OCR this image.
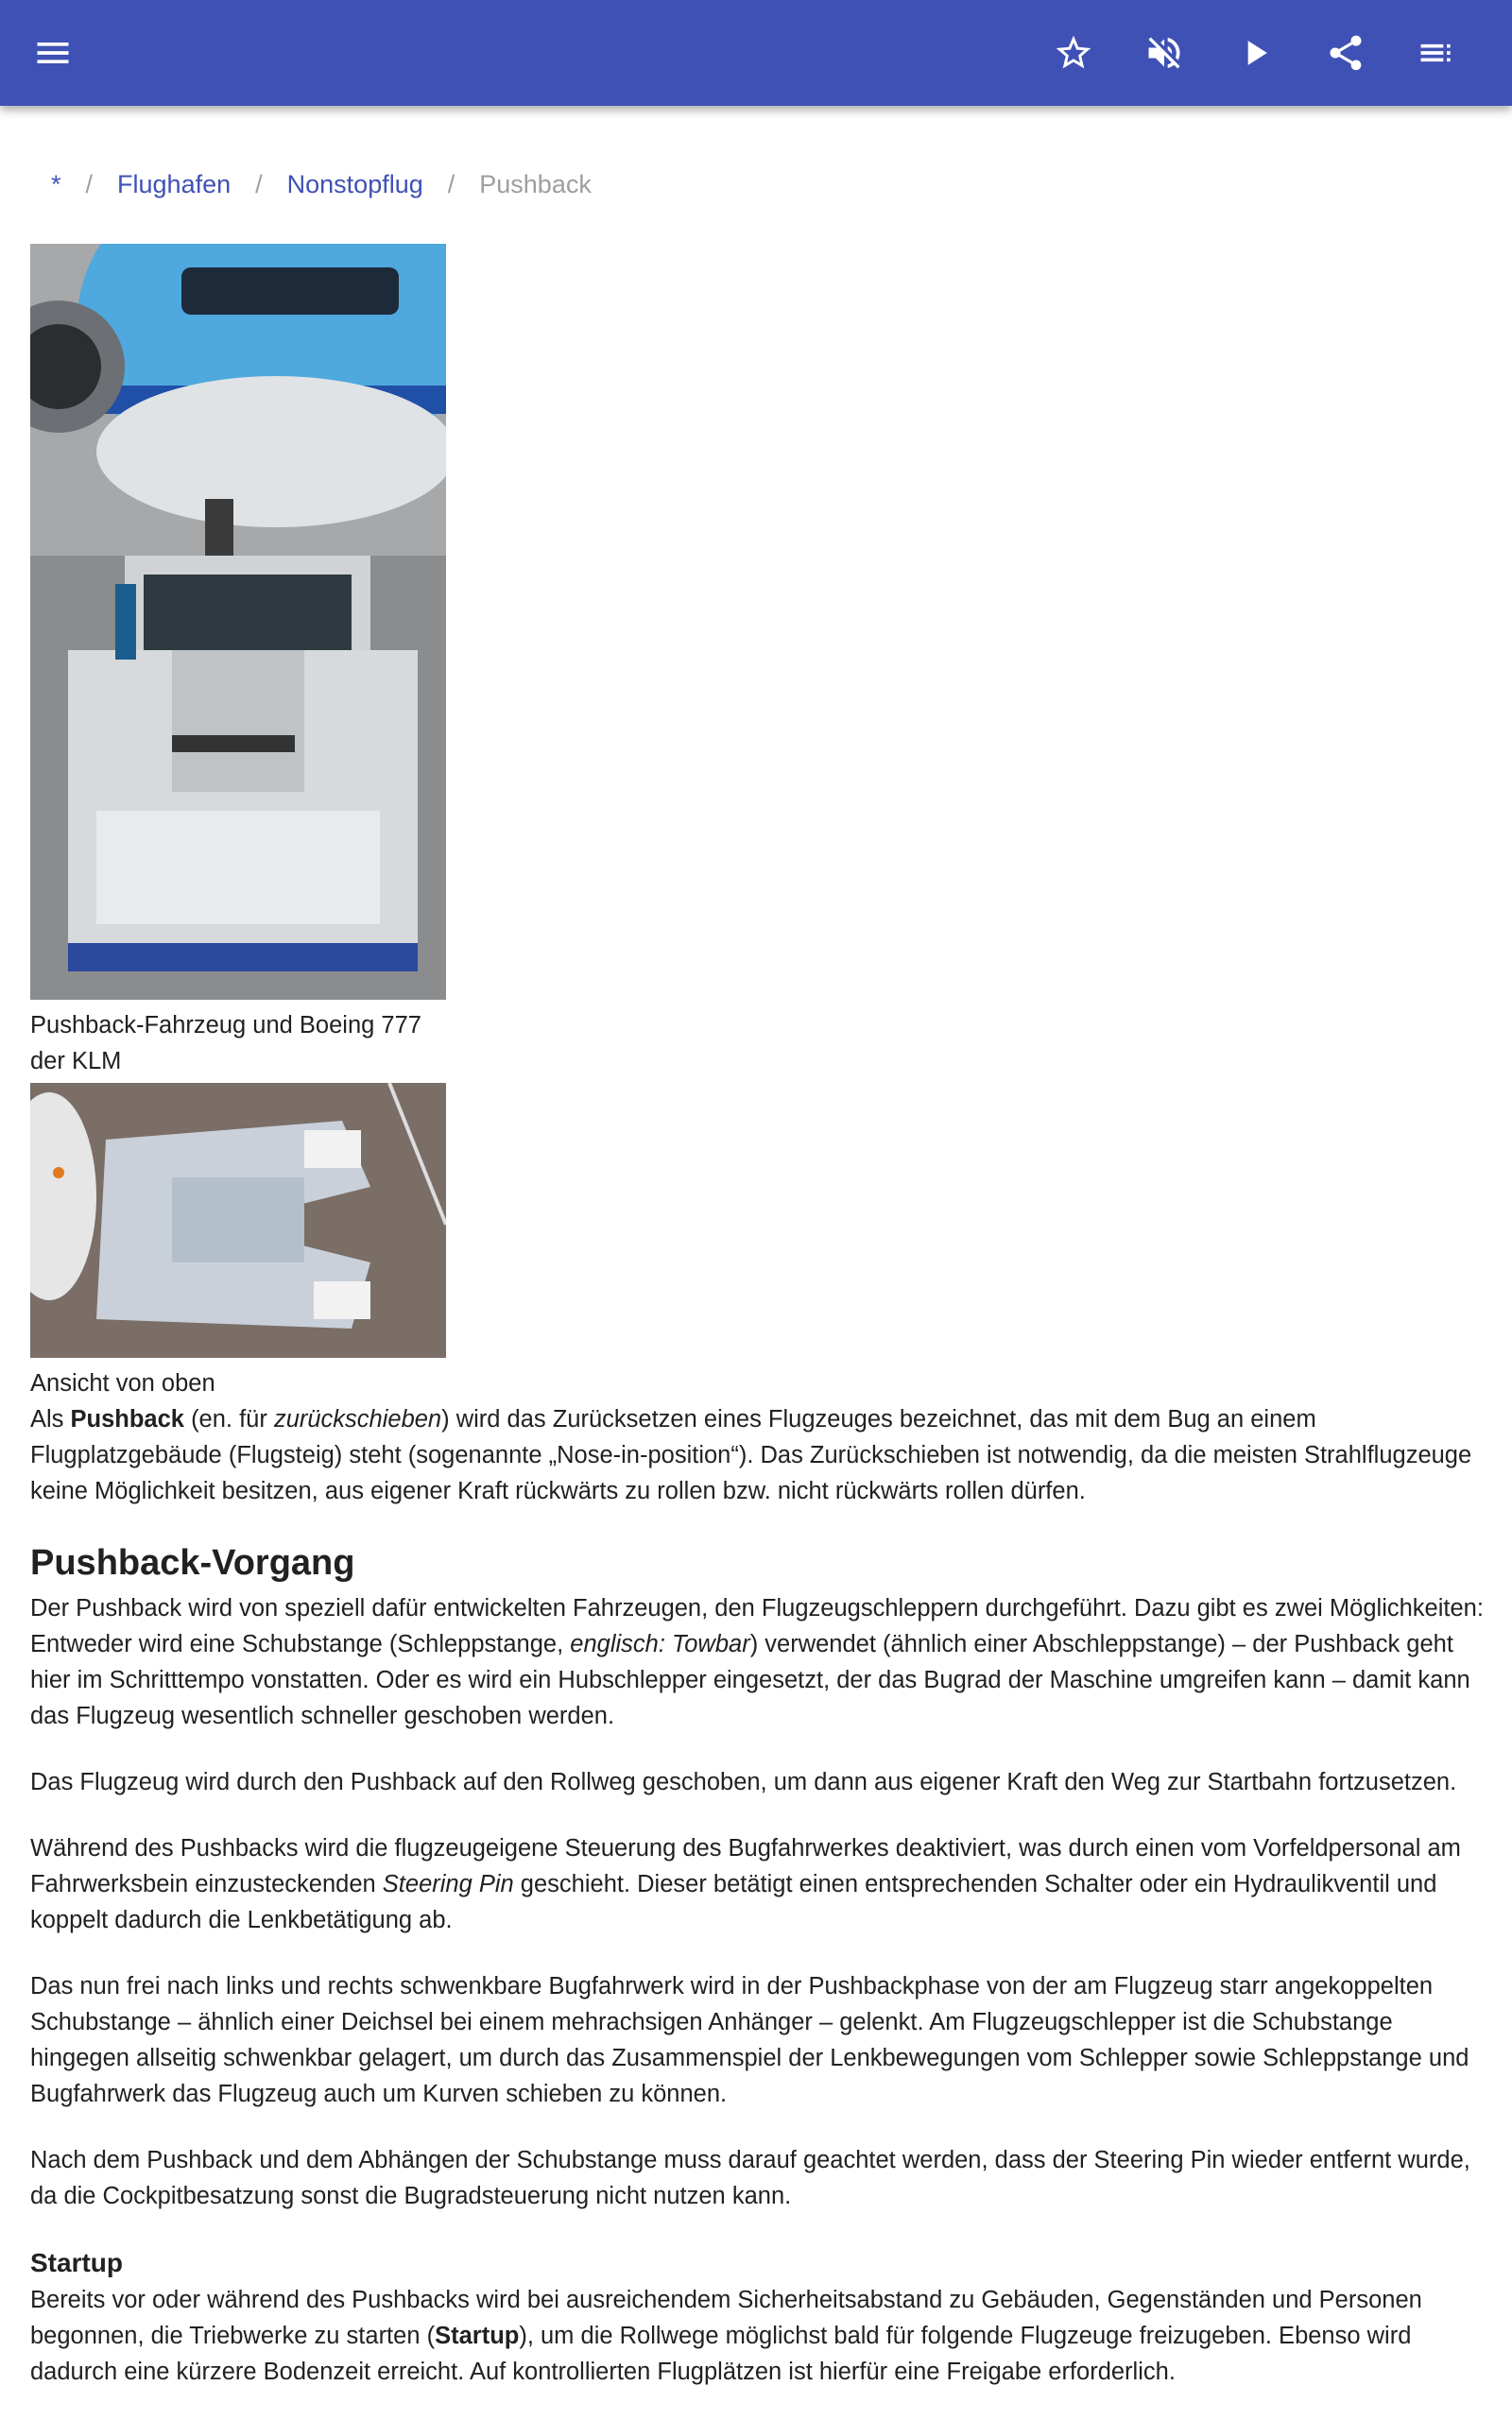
* / Flughafen / Nonstopflug / Pushback
Pushback-Fahrzeug und Boeing 777 der KLM
Ansicht von oben

Als Pushback (en. für zurückschieben) wird das Zurücksetzen eines Flugzeuges bezeichnet, das mit dem Bug an einem Flugplatzgebäude (Flugsteig) steht (sogenannte „Nose-in-position“). Das Zurückschieben ist notwendig, da die meisten Strahlflugzeuge keine Möglichkeit besitzen, aus eigener Kraft rückwärts zu rollen bzw. nicht rückwärts rollen dürfen.

Pushback-Vorgang

Der Pushback wird von speziell dafür entwickelten Fahrzeugen, den Flugzeugschleppern durchgeführt. Dazu gibt es zwei Möglichkeiten: Entweder wird eine Schubstange (Schleppstange, englisch: Towbar) verwendet (ähnlich einer Abschleppstange) – der Pushback geht hier im Schritttempo vonstatten. Oder es wird ein Hubschlepper eingesetzt, der das Bugrad der Maschine umgreifen kann – damit kann das Flugzeug wesentlich schneller geschoben werden.

Das Flugzeug wird durch den Pushback auf den Rollweg geschoben, um dann aus eigener Kraft den Weg zur Startbahn fortzusetzen.

Während des Pushbacks wird die flugzeugeigene Steuerung des Bugfahrwerkes deaktiviert, was durch einen vom Vorfeldpersonal am Fahrwerksbein einzusteckenden Steering Pin geschieht. Dieser betätigt einen entsprechenden Schalter oder ein Hydraulikventil und koppelt dadurch die Lenkbetätigung ab.

Das nun frei nach links und rechts schwenkbare Bugfahrwerk wird in der Pushbackphase von der am Flugzeug starr angekoppelten Schubstange – ähnlich einer Deichsel bei einem mehrachsigen Anhänger – gelenkt. Am Flugzeugschlepper ist die Schubstange hingegen allseitig schwenkbar gelagert, um durch das Zusammenspiel der Lenkbewegungen vom Schlepper sowie Schleppstange und Bugfahrwerk das Flugzeug auch um Kurven schieben zu können.

Nach dem Pushback und dem Abhängen der Schubstange muss darauf geachtet werden, dass der Steering Pin wieder entfernt wurde, da die Cockpitbesatzung sonst die Bugradsteuerung nicht nutzen kann.

Startup

Bereits vor oder während des Pushbacks wird bei ausreichendem Sicherheitsabstand zu Gebäuden, Gegenständen und Personen begonnen, die Triebwerke zu starten (Startup), um die Rollwege möglichst bald für folgende Flugzeuge freizugeben. Ebenso wird dadurch eine kürzere Bodenzeit erreicht. Auf kontrollierten Flugplätzen ist hierfür eine Freigabe erforderlich.
